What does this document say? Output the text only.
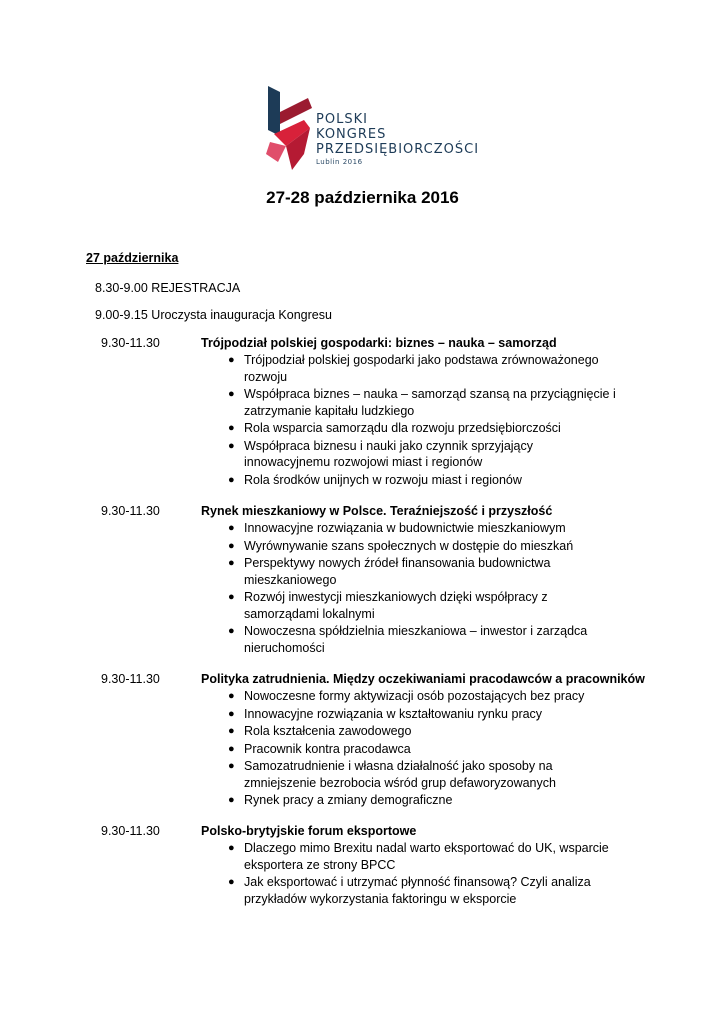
POLSKI
KONGRES
PRZEDSIĘBIORCZOŚCI
Lublin 2016
27-28 października 2016
27 października
8.30-9.00 REJESTRACJA
9.00-9.15 Uroczysta inauguracja Kongresu
9.30-11.30	Trójpodział polskiej gospodarki: biznes – nauka – samorząd
● Trójpodział polskiej gospodarki jako podstawa zrównoważonego rozwoju
● Współpraca biznes – nauka – samorząd szansą na przyciągnięcie i zatrzymanie kapitału ludzkiego
● Rola wsparcia samorządu dla rozwoju przedsiębiorczości
● Współpraca biznesu i nauki jako czynnik sprzyjający innowacyjnemu rozwojowi miast i regionów
● Rola środków unijnych w rozwoju miast i regionów
9.30-11.30	Rynek mieszkaniowy w Polsce. Teraźniejszość i przyszłość
● Innowacyjne rozwiązania w budownictwie mieszkaniowym
● Wyrównywanie szans społecznych w dostępie do mieszkań
● Perspektywy nowych źródeł finansowania budownictwa mieszkaniowego
● Rozwój inwestycji mieszkaniowych dzięki współpracy z samorządami lokalnymi
● Nowoczesna spółdzielnia mieszkaniowa – inwestor i zarządca nieruchomości
9.30-11.30	Polityka zatrudnienia. Między oczekiwaniami pracodawców a pracowników
● Nowoczesne formy aktywizacji osób pozostających bez pracy
● Innowacyjne rozwiązania w kształtowaniu rynku pracy
● Rola kształcenia zawodowego
● Pracownik kontra pracodawca
● Samozatrudnienie i własna działalność jako sposoby na zmniejszenie bezrobocia wśród grup defaworyzowanych
● Rynek pracy a zmiany demograficzne
9.30-11.30	Polsko-brytyjskie forum eksportowe
● Dlaczego mimo Brexitu nadal warto eksportować do UK, wsparcie eksportera ze strony BPCC
● Jak eksportować i utrzymać płynność finansową? Czyli analiza przykładów wykorzystania faktoringu w eksporcie
